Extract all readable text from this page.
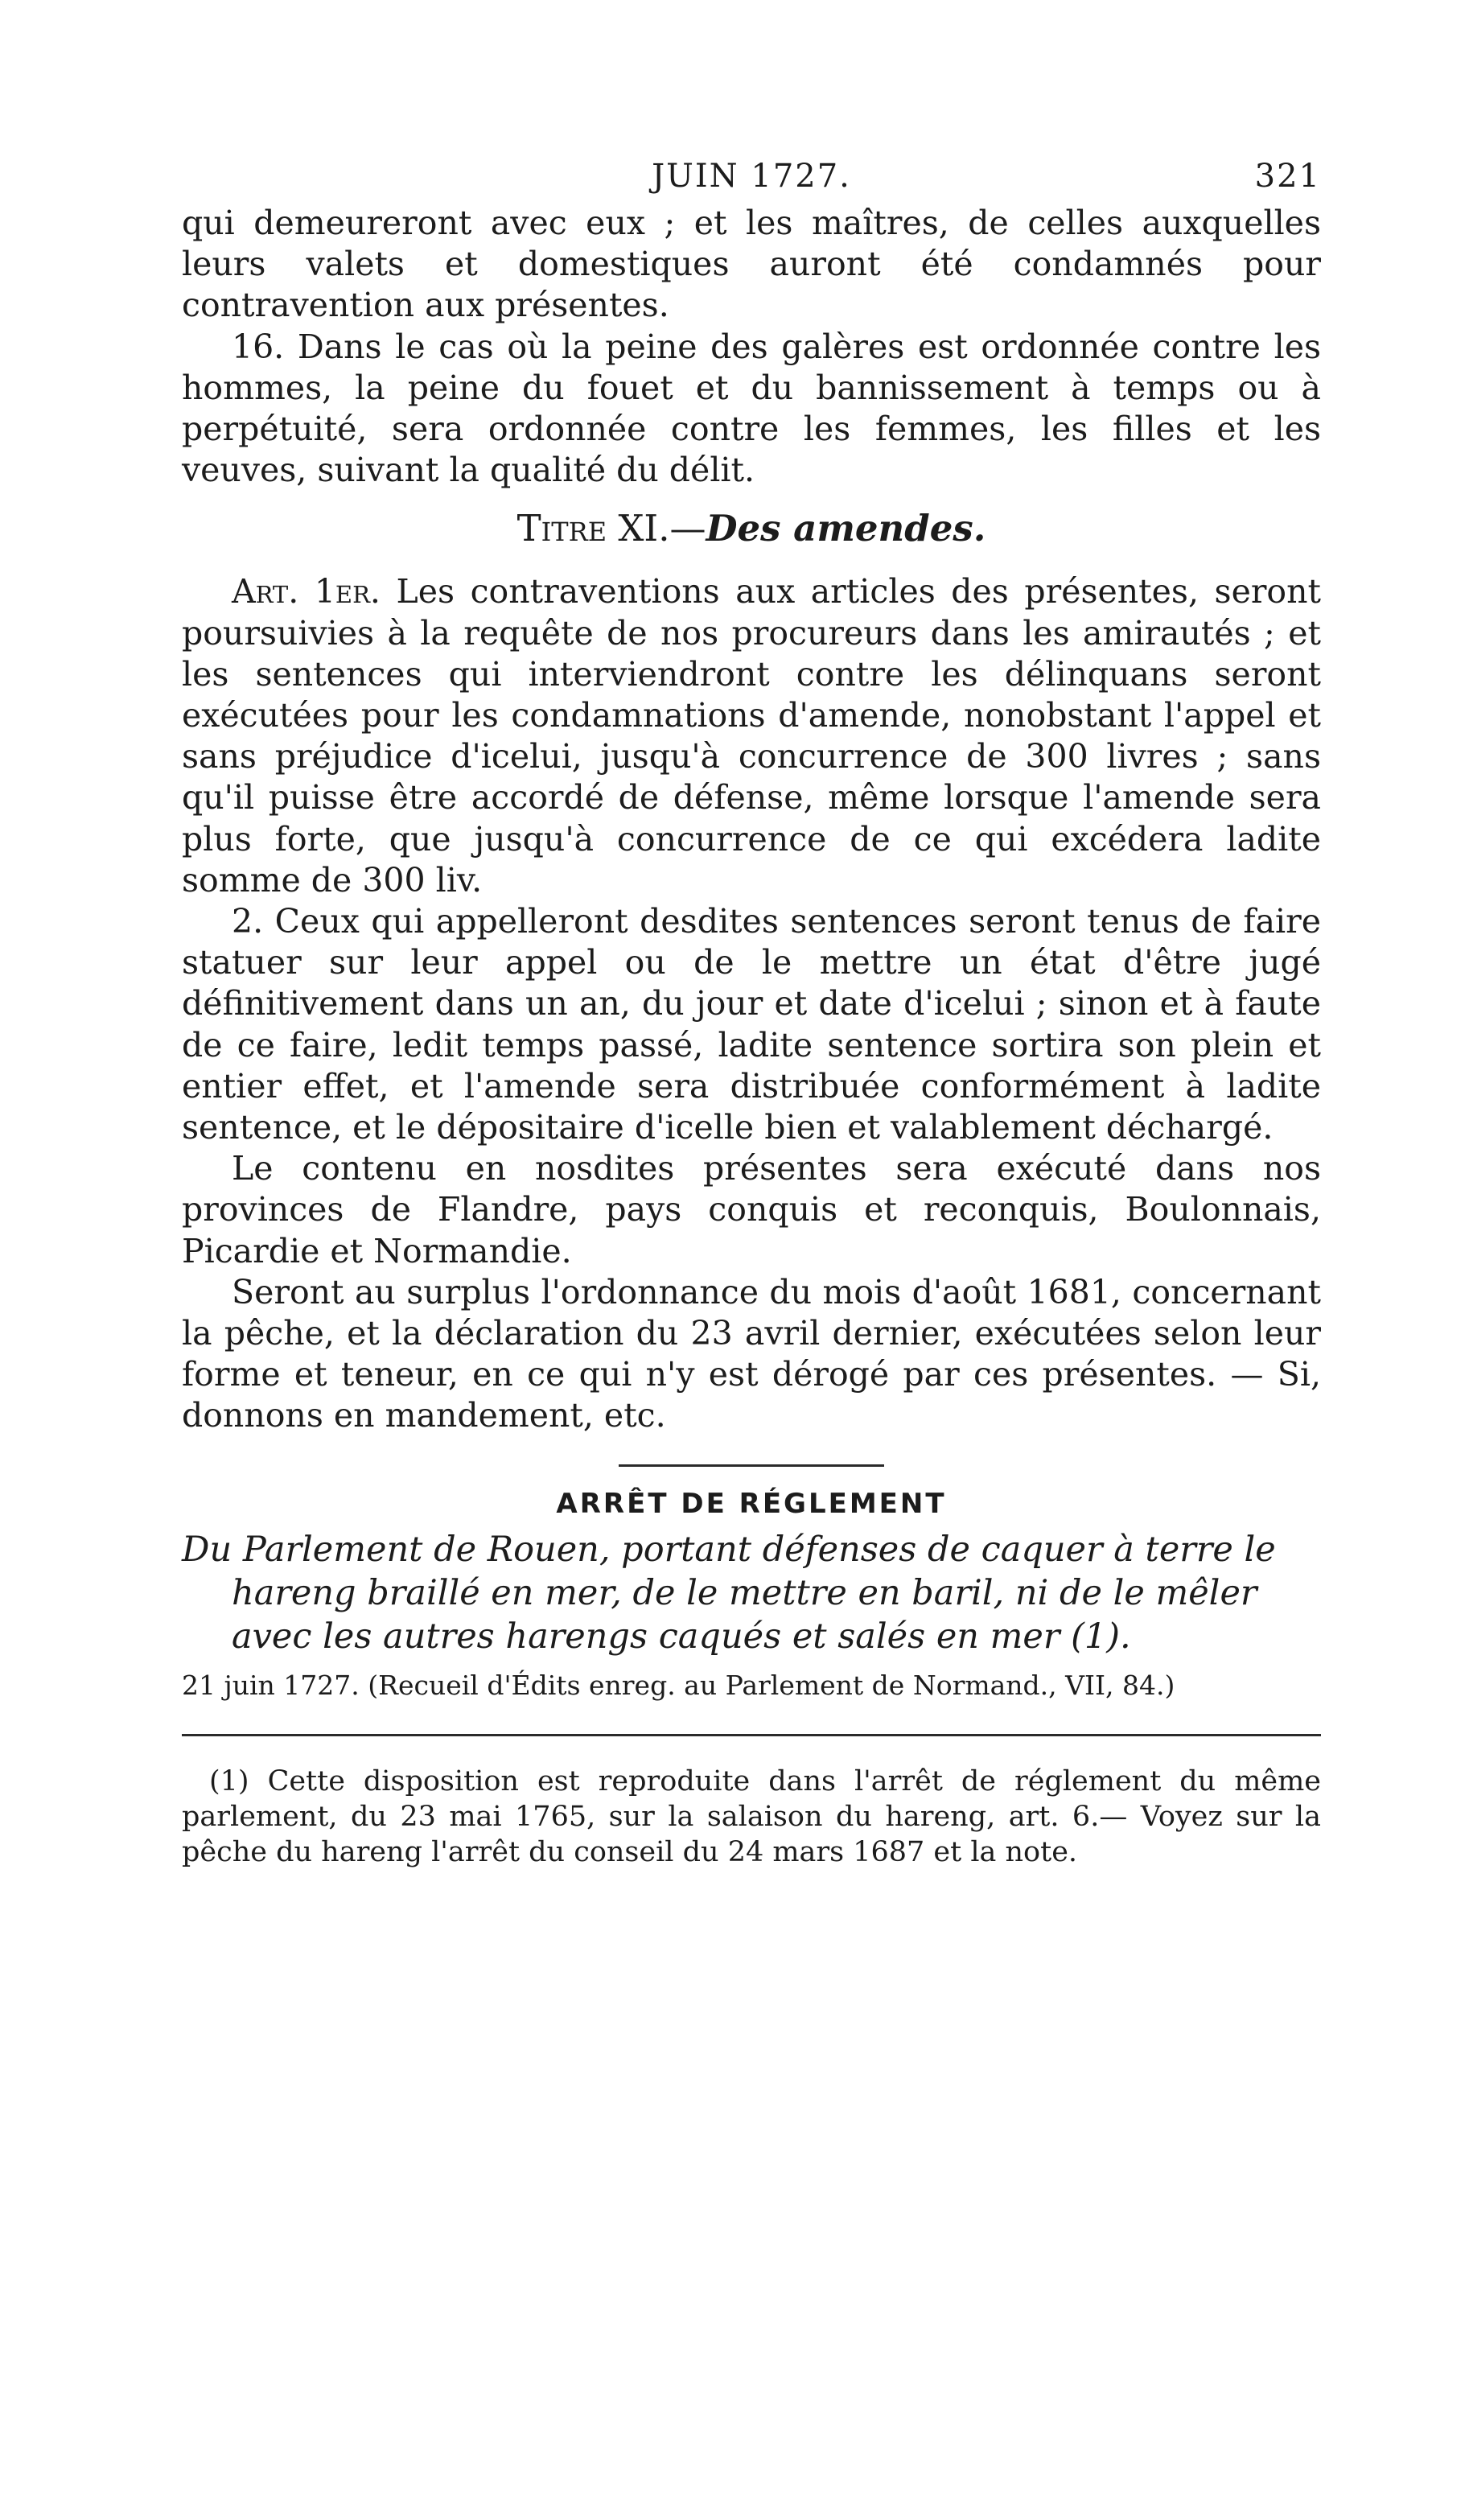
JUIN 1727.	321

qui demeureront avec eux ; et les maîtres, de celles auxquelles leurs valets et domestiques auront été condamnés pour contravention aux présentes.

16. Dans le cas où la peine des galères est ordonnée contre les hommes, la peine du fouet et du bannissement à temps ou à perpétuité, sera ordonnée contre les femmes, les filles et les veuves, suivant la qualité du délit.

Titre XI.—Des amendes.

Art. 1er. Les contraventions aux articles des présentes, seront poursuivies à la requête de nos procureurs dans les amirautés ; et les sentences qui interviendront contre les délinquans seront exécutées pour les condamnations d'amende, nonobstant l'appel et sans préjudice d'icelui, jusqu'à concurrence de 300 livres ; sans qu'il puisse être accordé de défense, même lorsque l'amende sera plus forte, que jusqu'à concurrence de ce qui excédera ladite somme de 300 liv.

2. Ceux qui appelleront desdites sentences seront tenus de faire statuer sur leur appel ou de le mettre un état d'être jugé définitivement dans un an, du jour et date d'icelui ; sinon et à faute de ce faire, ledit temps passé, ladite sentence sortira son plein et entier effet, et l'amende sera distribuée conformément à ladite sentence, et le dépositaire d'icelle bien et valablement déchargé.

Le contenu en nosdites présentes sera exécuté dans nos provinces de Flandre, pays conquis et reconquis, Boulonnais, Picardie et Normandie.

Seront au surplus l'ordonnance du mois d'août 1681, concernant la pêche, et la déclaration du 23 avril dernier, exécutées selon leur forme et teneur, en ce qui n'y est dérogé par ces présentes. — Si, donnons en mandement, etc.

ARRÊT DE RÉGLEMENT

Du Parlement de Rouen, portant défenses de caquer à terre le hareng braillé en mer, de le mettre en baril, ni de le mêler avec les autres harengs caqués et salés en mer (1).

21 juin 1727. (Recueil d'Édits enreg. au Parlement de Normand., VII, 84.)

(1) Cette disposition est reproduite dans l'arrêt de réglement du même parlement, du 23 mai 1765, sur la salaison du hareng, art. 6.— Voyez sur la pêche du hareng l'arrêt du conseil du 24 mars 1687 et la note.
